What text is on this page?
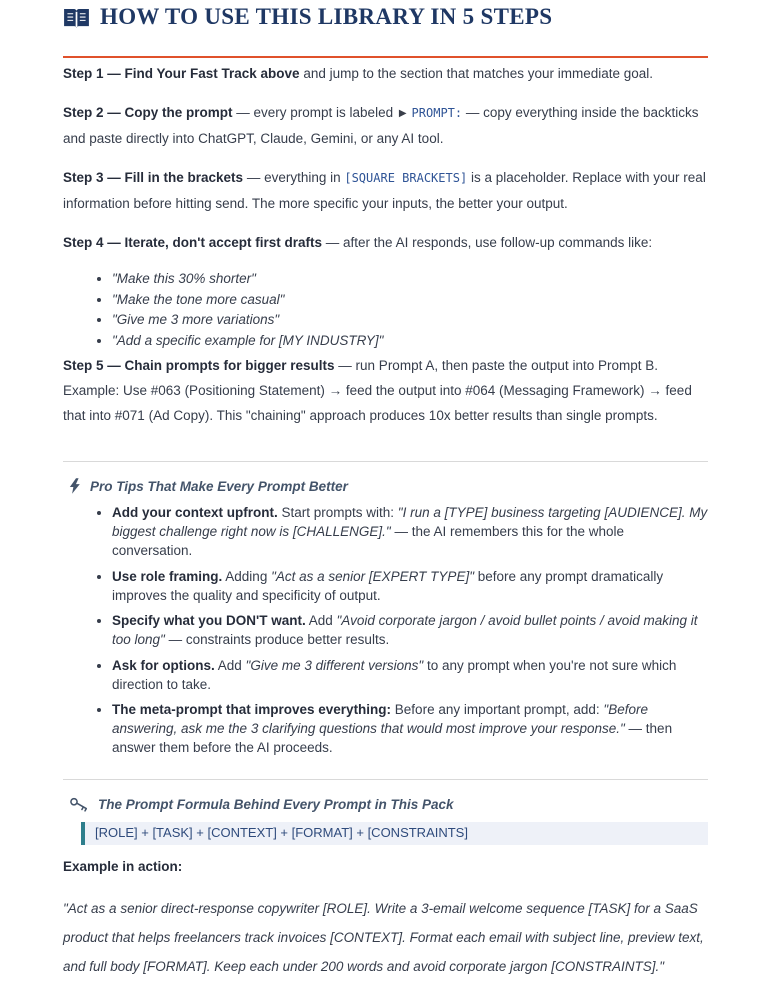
HOW TO USE THIS LIBRARY IN 5 STEPS

Step 1 — Find Your Fast Track above and jump to the section that matches your immediate goal.

Step 2 — Copy the prompt — every prompt is labeled ▶ PROMPT: — copy everything inside the backticks and paste directly into ChatGPT, Claude, Gemini, or any AI tool.

Step 3 — Fill in the brackets — everything in [SQUARE BRACKETS] is a placeholder. Replace with your real information before hitting send. The more specific your inputs, the better your output.

Step 4 — Iterate, don't accept first drafts — after the AI responds, use follow-up commands like:

• "Make this 30% shorter"
• "Make the tone more casual"
• "Give me 3 more variations"
• "Add a specific example for [MY INDUSTRY]"

Step 5 — Chain prompts for bigger results — run Prompt A, then paste the output into Prompt B. Example: Use #063 (Positioning Statement) → feed the output into #064 (Messaging Framework) → feed that into #071 (Ad Copy). This "chaining" approach produces 10x better results than single prompts.

Pro Tips That Make Every Prompt Better
• Add your context upfront. Start prompts with: "I run a [TYPE] business targeting [AUDIENCE]. My biggest challenge right now is [CHALLENGE]." — the AI remembers this for the whole conversation.
• Use role framing. Adding "Act as a senior [EXPERT TYPE]" before any prompt dramatically improves the quality and specificity of output.
• Specify what you DON'T want. Add "Avoid corporate jargon / avoid bullet points / avoid making it too long" — constraints produce better results.
• Ask for options. Add "Give me 3 different versions" to any prompt when you're not sure which direction to take.
• The meta-prompt that improves everything: Before any important prompt, add: "Before answering, ask me the 3 clarifying questions that would most improve your response." — then answer them before the AI proceeds.
The Prompt Formula Behind Every Prompt in This Pack
[ROLE] + [TASK] + [CONTEXT] + [FORMAT] + [CONSTRAINTS]

Example in action:

"Act as a senior direct-response copywriter [ROLE]. Write a 3-email welcome sequence [TASK] for a SaaS product that helps freelancers track invoices [CONTEXT]. Format each email with subject line, preview text, and full body [FORMAT]. Keep each under 200 words and avoid corporate jargon [CONSTRAINTS]."
